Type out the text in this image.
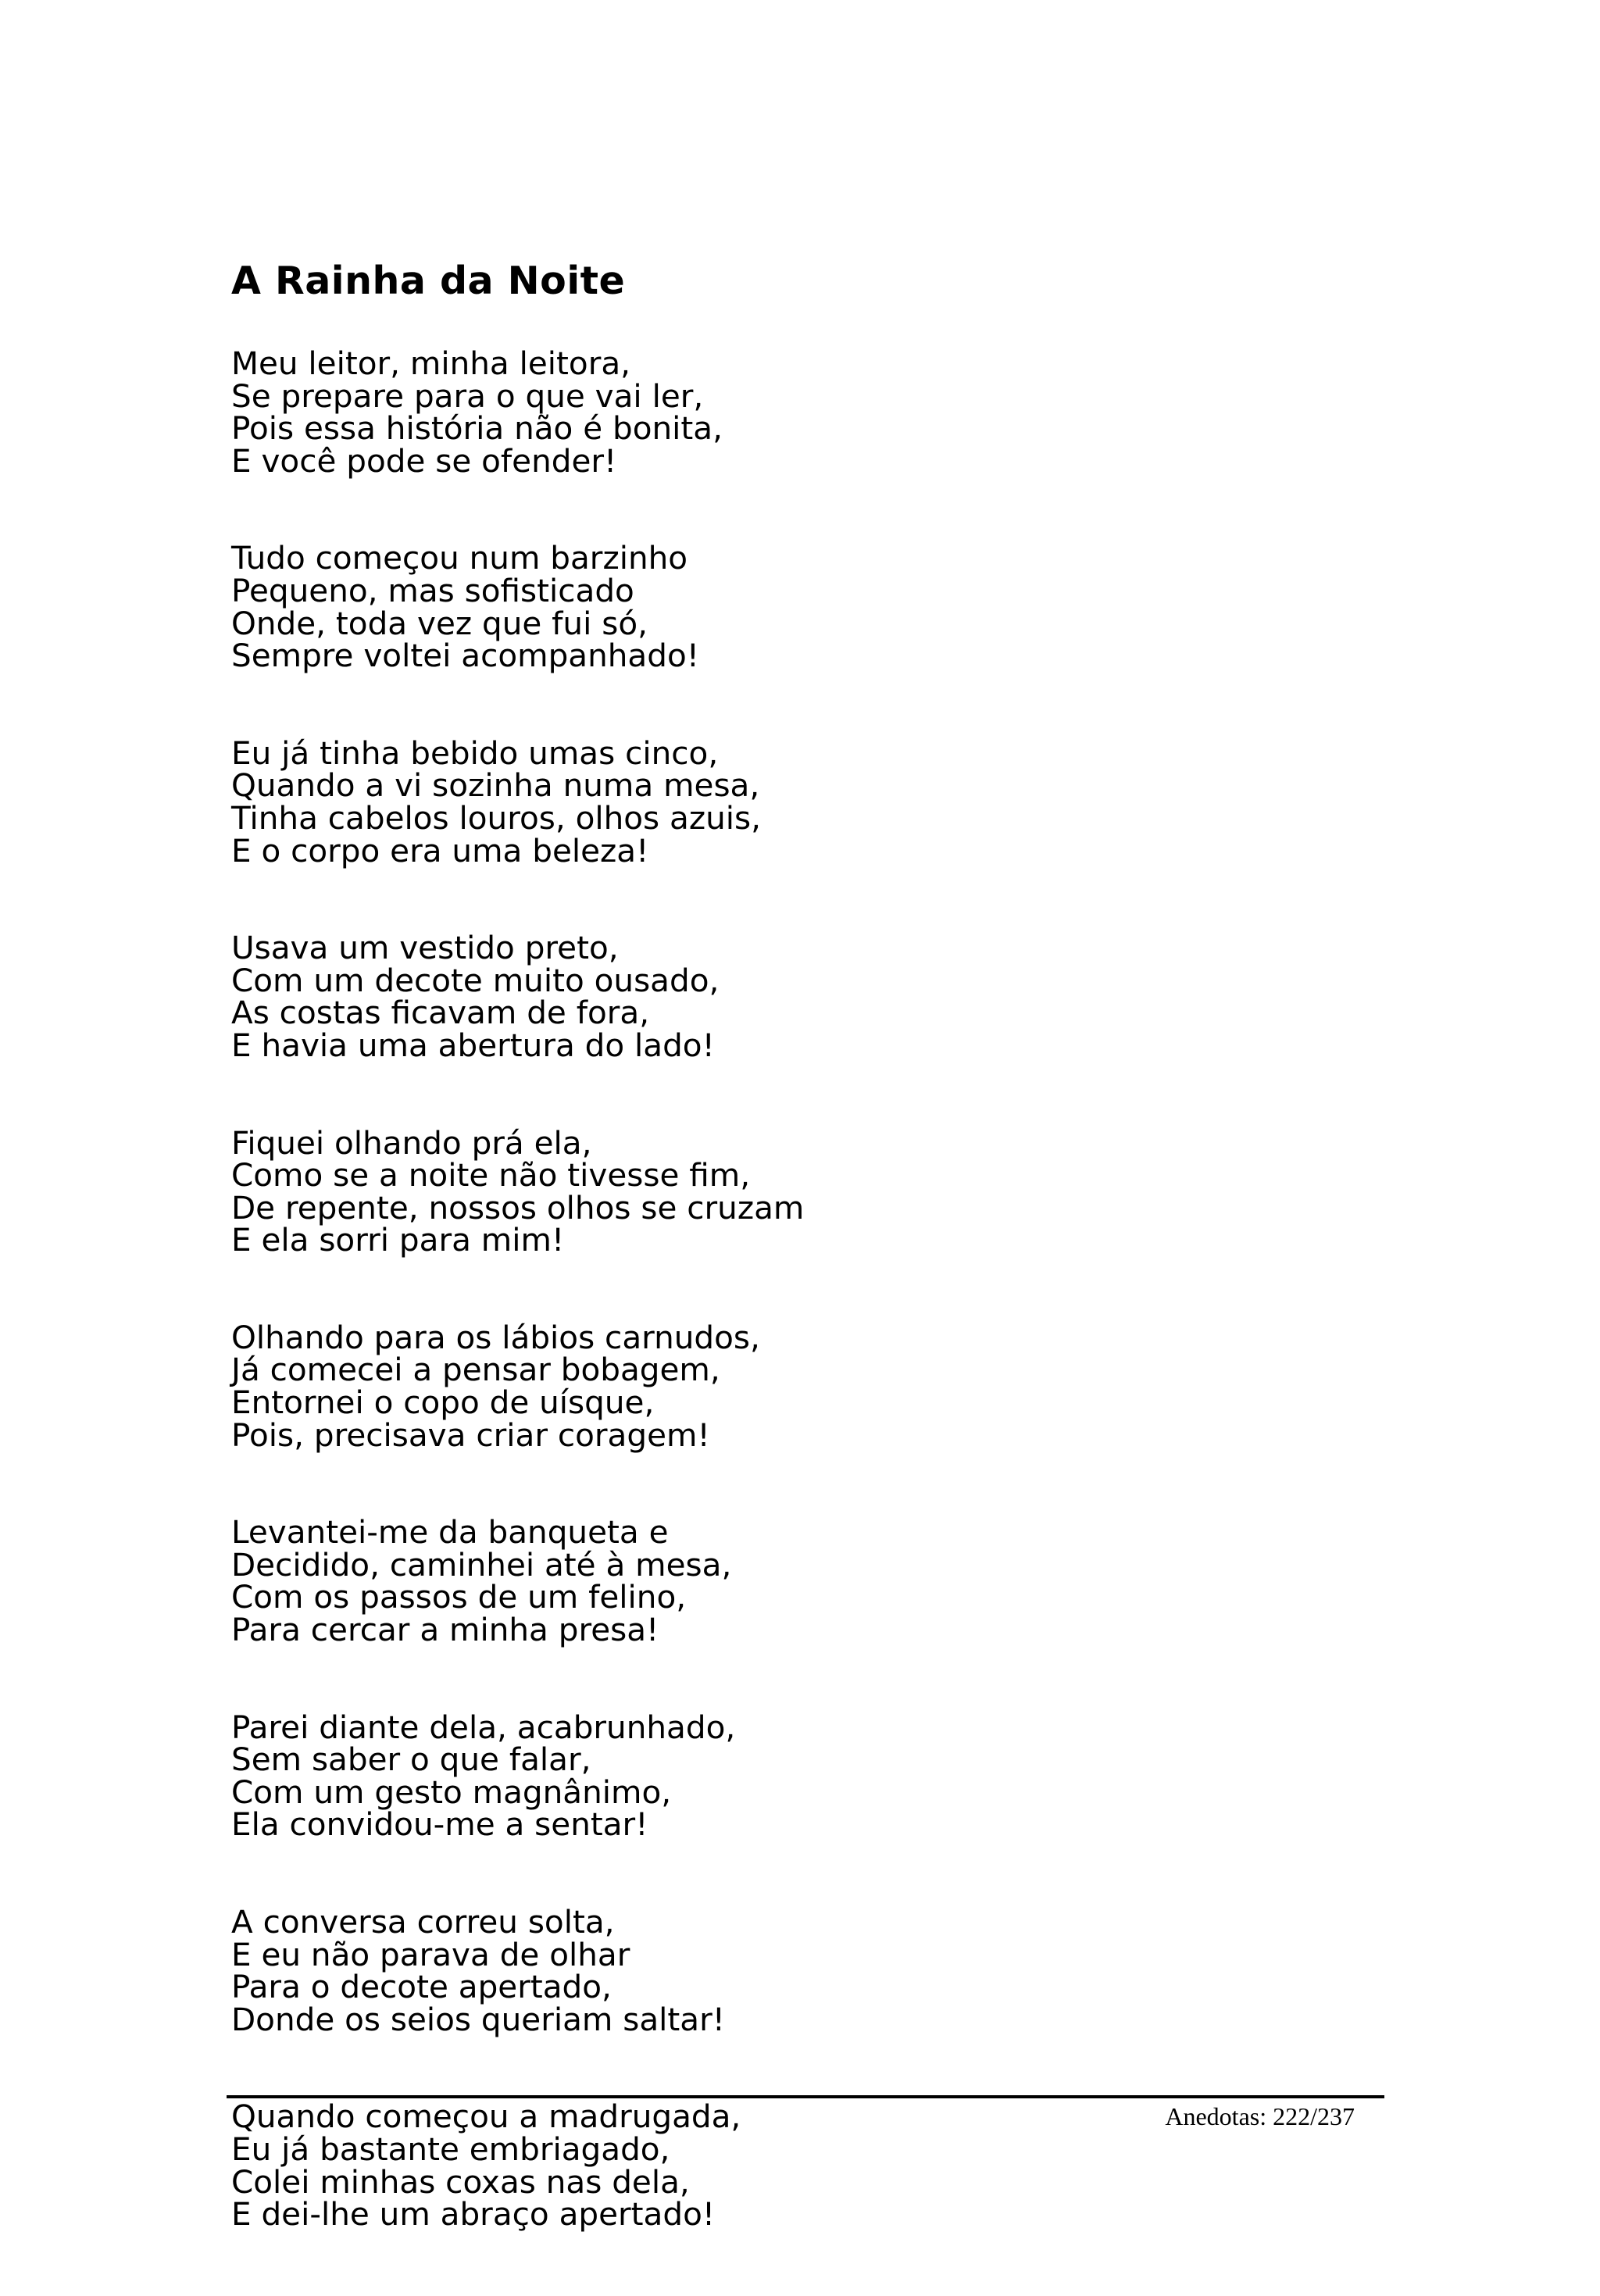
A Rainha da Noite
Meu leitor, minha leitora,
Se prepare para o que vai ler,
Pois essa história não é bonita,
E você pode se ofender!
Tudo começou num barzinho
Pequeno, mas sofisticado
Onde, toda vez que fui só,
Sempre voltei acompanhado!
Eu já tinha bebido umas cinco,
Quando a vi sozinha numa mesa,
Tinha cabelos louros, olhos azuis,
E o corpo era uma beleza!
Usava um vestido preto,
Com um decote muito ousado,
As costas ficavam de fora,
E havia uma abertura do lado!
Fiquei olhando prá ela,
Como se a noite não tivesse fim,
De repente, nossos olhos se cruzam
E ela sorri para mim!
Olhando para os lábios carnudos,
Já comecei a pensar bobagem,
Entornei o copo de uísque,
Pois, precisava criar coragem!
Levantei-me da banqueta e
Decidido, caminhei até à mesa,
Com os passos de um felino,
Para cercar a minha presa!
Parei diante dela, acabrunhado,
Sem saber o que falar,
Com um gesto magnânimo,
Ela convidou-me a sentar!
A conversa correu solta,
E eu não parava de olhar
Para o decote apertado,
Donde os seios queriam saltar!
Quando começou a madrugada,
Eu já bastante embriagado,
Colei minhas coxas nas dela,
E dei-lhe um abraço apertado!
Anedotas: 222/237
